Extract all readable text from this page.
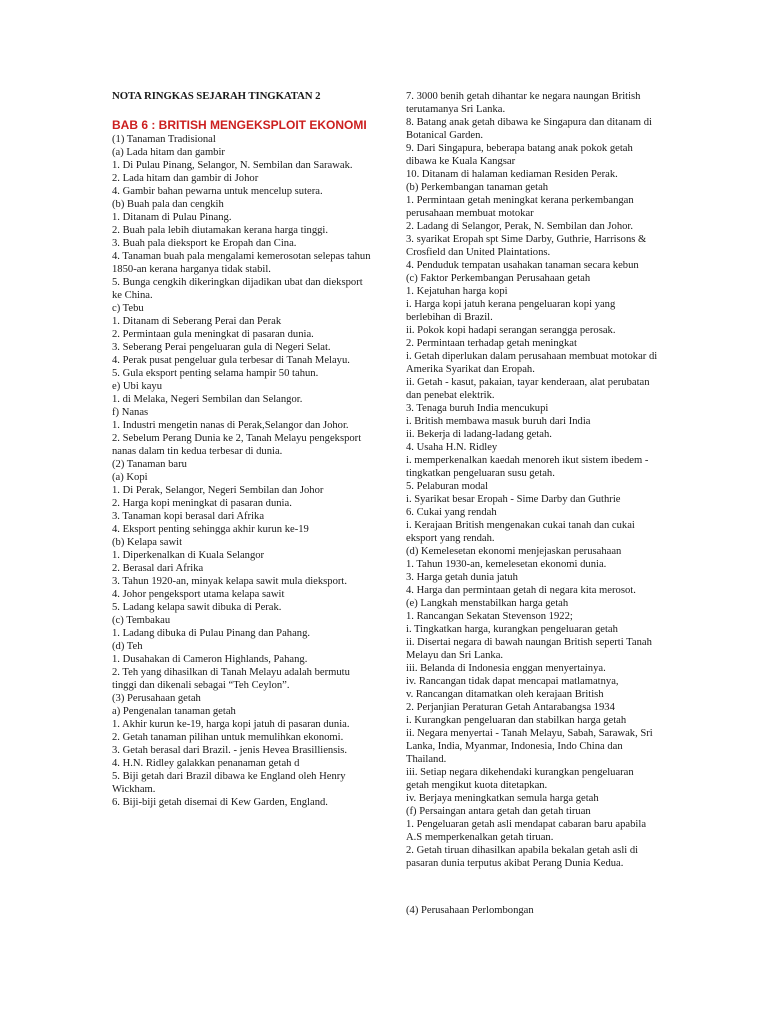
NOTA RINGKAS SEJARAH TINGKATAN 2
BAB 6 : BRITISH MENGEKSPLOIT EKONOMI

(1) Tanaman Tradisional

(a) Lada hitam dan gambir

1. Di Pulau Pinang, Selangor, N. Sembilan dan Sarawak.

2. Lada hitam dan gambir di Johor

4. Gambir bahan pewarna untuk mencelup sutera.

(b) Buah pala dan cengkih

1. Ditanam di Pulau Pinang.

2. Buah pala lebih diutamakan kerana harga tinggi.

3. Buah pala dieksport ke Eropah dan Cina.

4. Tanaman buah pala mengalami kemerosotan selepas tahun 1850-an kerana harganya tidak stabil.

5. Bunga cengkih dikeringkan dijadikan ubat dan dieksport ke China.

c) Tebu

1. Ditanam di Seberang Perai dan Perak

2. Permintaan gula meningkat di pasaran dunia.

3. Seberang Perai pengeluaran gula di Negeri Selat.

4. Perak pusat pengeluar gula terbesar di Tanah Melayu.

5. Gula eksport penting selama hampir 50 tahun.

e) Ubi kayu

1. di Melaka, Negeri Sembilan dan Selangor.

f) Nanas

1. Industri mengetin nanas di Perak,Selangor dan Johor.

2. Sebelum Perang Dunia ke 2, Tanah Melayu pengeksport nanas dalam tin kedua terbesar di dunia.

(2) Tanaman baru

(a) Kopi

1. Di Perak, Selangor, Negeri Sembilan dan Johor

2. Harga kopi meningkat di pasaran dunia.

3. Tanaman kopi berasal dari Afrika

4. Eksport penting sehingga akhir kurun ke-19

(b) Kelapa sawit

1. Diperkenalkan di Kuala Selangor

2. Berasal dari Afrika

3. Tahun 1920-an, minyak kelapa sawit mula dieksport.

4. Johor pengeksport utama kelapa sawit

5. Ladang kelapa sawit dibuka di Perak.

(c) Tembakau

1. Ladang dibuka di Pulau Pinang dan Pahang.

(d) Teh

1. Dusahakan di Cameron Highlands, Pahang.

2. Teh yang dihasilkan di Tanah Melayu adalah bermutu tinggi dan dikenali sebagai “Teh Ceylon”.

(3) Perusahaan getah

a) Pengenalan tanaman getah

1. Akhir kurun ke-19, harga kopi jatuh di pasaran dunia.

2. Getah tanaman pilihan untuk memulihkan ekonomi.

3. Getah berasal dari Brazil. - jenis Hevea Brasilliensis.

4. H.N. Ridley galakkan penanaman getah d

5. Biji getah dari Brazil dibawa ke England oleh Henry Wickham.

6. Biji-biji getah disemai di Kew Garden, England.

7. 3000 benih getah dihantar ke negara naungan British terutamanya Sri Lanka.

8. Batang anak getah dibawa ke Singapura dan ditanam di Botanical Garden.

9. Dari Singapura, beberapa batang anak pokok getah dibawa ke Kuala Kangsar

10. Ditanam di halaman kediaman Residen Perak.

(b) Perkembangan tanaman getah

1. Permintaan getah meningkat kerana perkembangan perusahaan membuat motokar

2. Ladang di Selangor, Perak, N. Sembilan dan Johor.

3. syarikat Eropah spt Sime Darby, Guthrie, Harrisons & Crosfield dan United Plaintations.

4. Penduduk tempatan usahakan tanaman secara kebun

(c) Faktor Perkembangan Perusahaan getah

1. Kejatuhan harga kopi

i. Harga kopi jatuh kerana pengeluaran kopi yang berlebihan di Brazil.

ii. Pokok kopi hadapi serangan serangga perosak.

2. Permintaan terhadap getah meningkat

i. Getah diperlukan dalam perusahaan membuat motokar di Amerika Syarikat dan Eropah.

ii. Getah - kasut, pakaian, tayar kenderaan, alat perubatan dan penebat elektrik.

3. Tenaga buruh India mencukupi

i. British membawa masuk buruh dari India

ii. Bekerja di ladang-ladang getah.

4. Usaha H.N. Ridley

i. memperkenalkan kaedah menoreh ikut sistem ibedem -tingkatkan pengeluaran susu getah.

5. Pelaburan modal

i. Syarikat besar Eropah - Sime Darby dan Guthrie

6. Cukai yang rendah

i. Kerajaan British mengenakan cukai tanah dan cukai eksport yang rendah.

(d) Kemelesetan ekonomi menjejaskan perusahaan

1. Tahun 1930-an, kemelesetan ekonomi dunia.

3. Harga getah dunia jatuh

4. Harga dan permintaan getah di negara kita merosot.

(e) Langkah menstabilkan harga getah

1. Rancangan Sekatan Stevenson 1922;

i. Tingkatkan harga, kurangkan pengeluaran getah

ii. Disertai negara di bawah naungan British seperti Tanah Melayu dan Sri Lanka.

iii. Belanda di Indonesia enggan menyertainya.

iv. Rancangan tidak dapat mencapai matlamatnya,

v. Rancangan ditamatkan oleh kerajaan British

2. Perjanjian Peraturan Getah Antarabangsa 1934

i. Kurangkan pengeluaran dan stabilkan harga getah

ii. Negara menyertai - Tanah Melayu, Sabah, Sarawak, Sri Lanka, India, Myanmar, Indonesia, Indo China dan Thailand.

iii. Setiap negara dikehendaki kurangkan pengeluaran getah mengikut kuota ditetapkan.

iv. Berjaya meningkatkan semula harga getah

(f) Persaingan antara getah dan getah tiruan

1. Pengeluaran getah asli mendapat cabaran baru apabila A.S memperkenalkan getah tiruan.

2. Getah tiruan dihasilkan apabila bekalan getah asli di pasaran dunia terputus akibat Perang Dunia Kedua.

(4) Perusahaan Perlombongan
